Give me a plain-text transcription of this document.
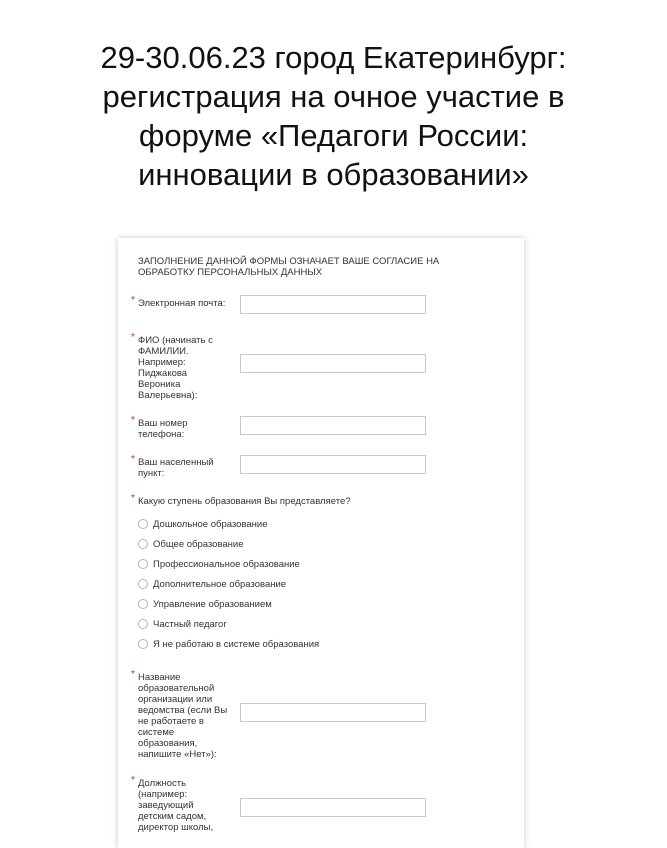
29-30.06.23 город Екатеринбург:
регистрация на очное участие в
форуме «Педагоги России:
инновации в образовании»
ЗАПОЛНЕНИЕ ДАННОЙ ФОРМЫ ОЗНАЧАЕТ ВАШЕ СОГЛАСИЕ НА ОБРАБОТКУ ПЕРСОНАЛЬНЫХ ДАННЫХ
* Электронная почта:
* ФИО (начинать с
ФАМИЛИИ.
Например:
Пиджакова
Вероника
Валерьевна):
* Ваш номер
телефона:
* Ваш населенный
пункт:
* Какую ступень образования Вы представляете?
Дошкольное образование
Общее образование
Профессиональное образование
Дополнительное образование
Управление образованием
Частный педагог
Я не работаю в системе образования
* Название
образовательной
организации или
ведомства (если Вы
не работаете в
системе
образования,
напишите «Нет»):
* Должность
(например:
заведующий
детским садом,
директор школы,
